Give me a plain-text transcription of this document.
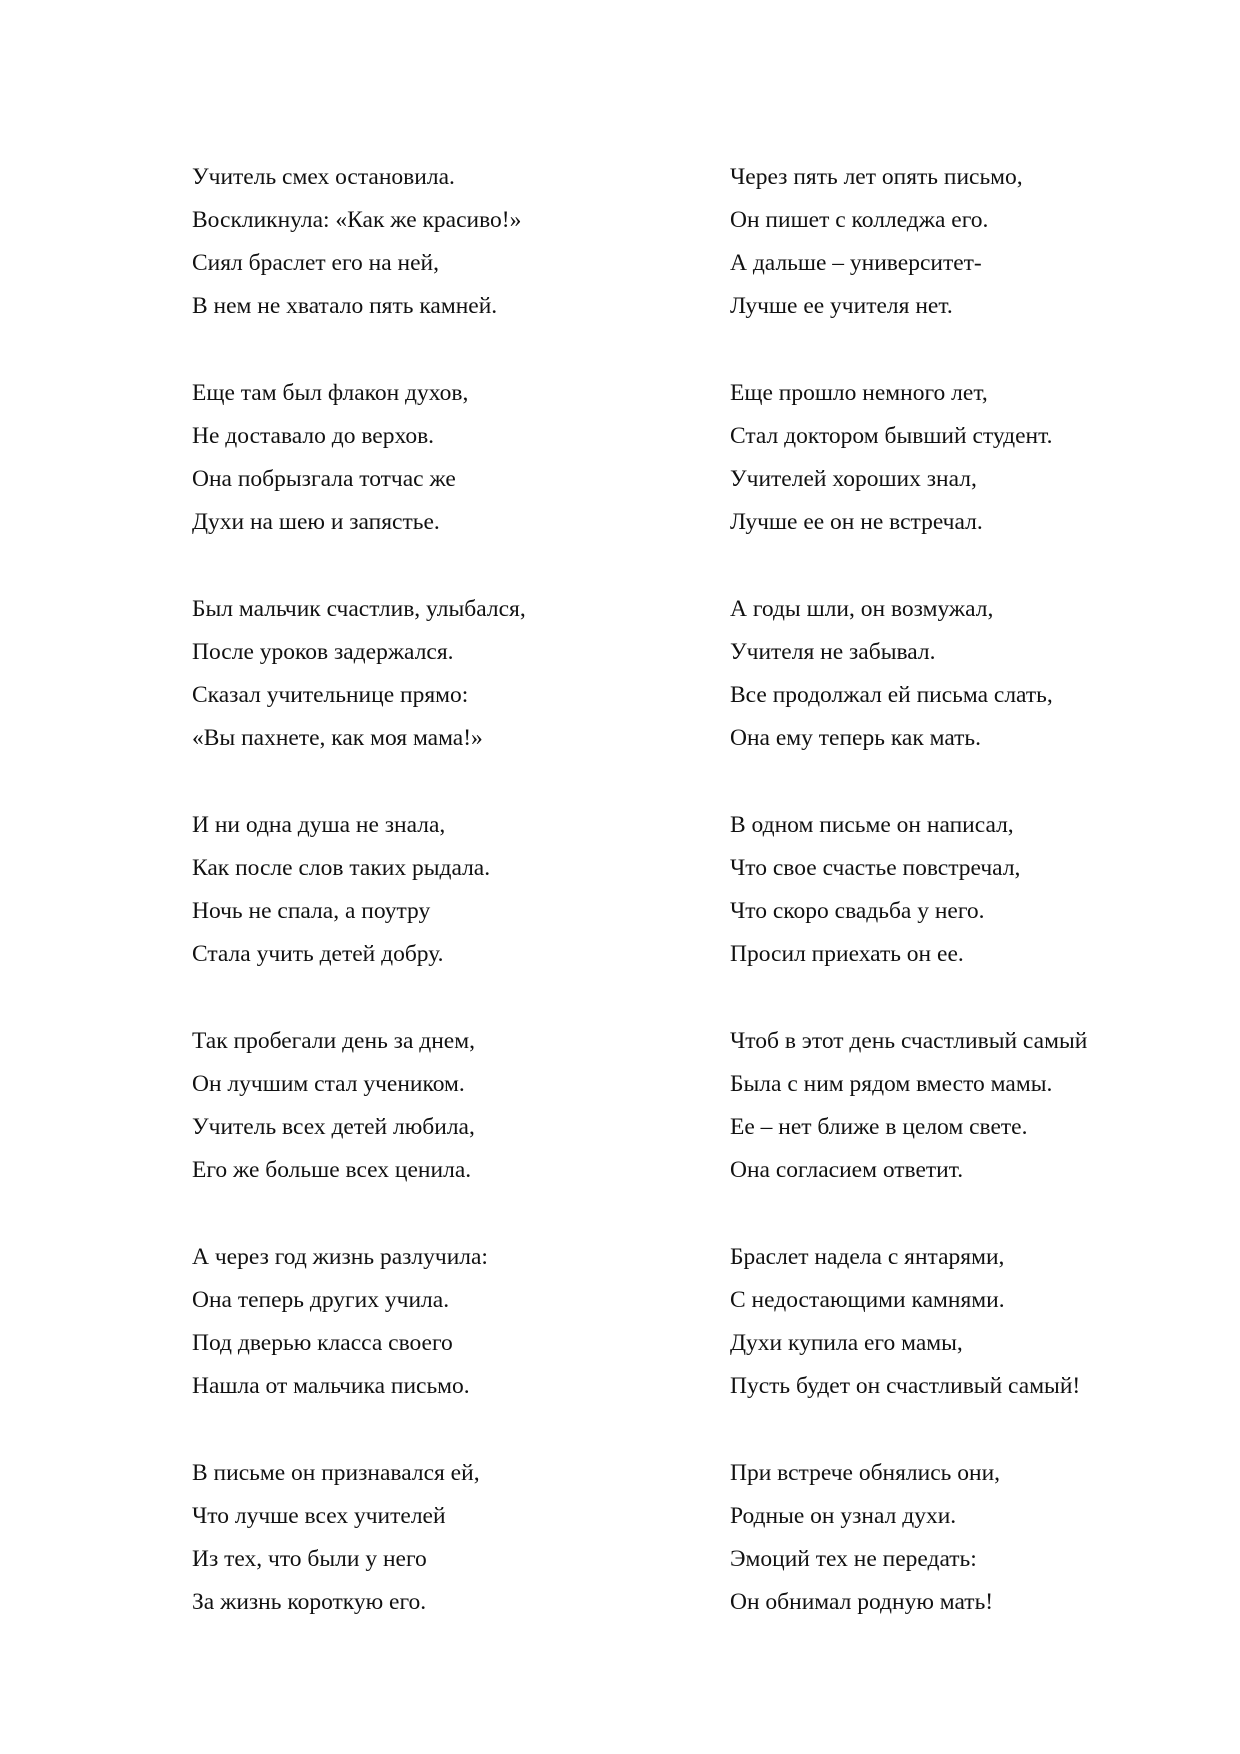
Учитель смех остановила.
Воскликнула: «Как же красиво!»
Сиял браслет его на ней,
В нем не хватало пять камней.
Еще там был флакон духов,
Не доставало до верхов.
Она побрызгала тотчас же
Духи на шею и запястье.
Был мальчик счастлив, улыбался,
После уроков задержался.
Сказал учительнице прямо:
«Вы пахнете, как моя мама!»
И ни одна душа не знала,
Как после слов таких рыдала.
Ночь не спала, а поутру
Стала учить детей добру.
Так пробегали день за днем,
Он лучшим стал учеником.
Учитель всех детей любила,
Его же больше всех ценила.
А через год жизнь разлучила:
Она теперь других учила.
Под дверью класса своего
Нашла от мальчика письмо.
В письме он признавался ей,
Что лучше всех учителей
Из тех, что были у него
За жизнь короткую его.
Через пять лет опять письмо,
Он пишет с колледжа его.
А дальше – университет-
Лучше ее учителя нет.
Еще прошло немного лет,
Стал доктором бывший студент.
Учителей хороших знал,
Лучше ее он не встречал.
А годы шли, он возмужал,
Учителя не забывал.
Все продолжал ей письма слать,
Она ему теперь как мать.
В одном письме он написал,
Что свое счастье повстречал,
Что скоро свадьба у него.
Просил приехать он ее.
Чтоб в этот день счастливый самый
Была с ним рядом вместо мамы.
Ее – нет ближе в целом свете.
Она согласием ответит.
Браслет надела с янтарями,
С недостающими камнями.
Духи купила его мамы,
Пусть будет он счастливый самый!
При встрече обнялись они,
Родные он узнал духи.
Эмоций тех не передать:
Он обнимал родную мать!
